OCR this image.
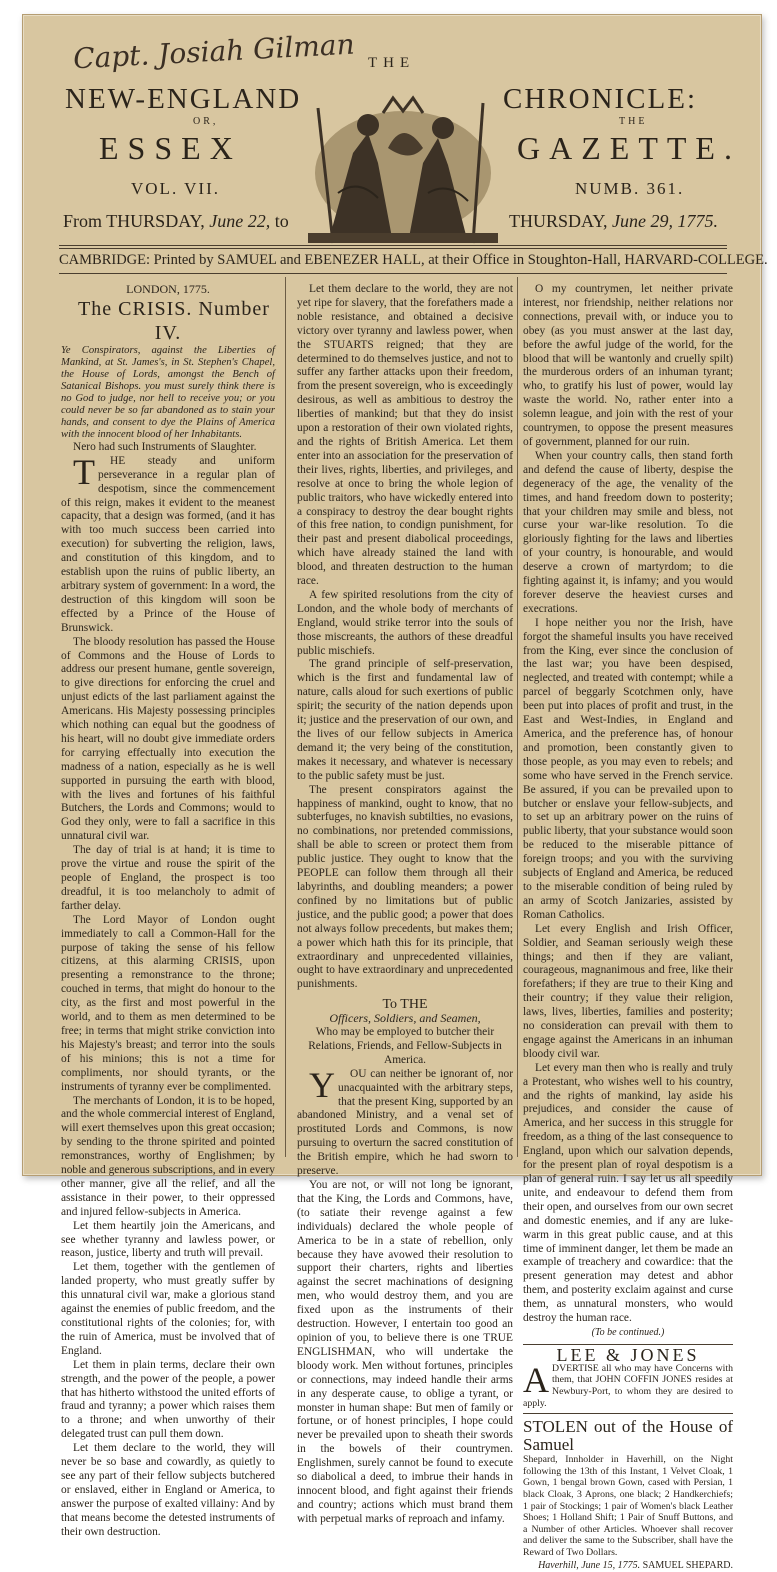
Capt. Josiah Gilman THE
NEW-ENGLAND	CHRONICLE:
OR,	THE
ESSEX	GAZETTE.
VOL. VII.	NUMB. 361.
From THURSDAY, June 22, to	THURSDAY, June 29, 1775.
CAMBRIDGE: Printed by SAMUEL and EBENEZER HALL, at their Office in Stoughton-Hall, HARVARD-COLLEGE.

LONDON, 1775.

The CRISIS. Number IV.

Ye Conspirators, against the Liberties of Mankind, at St. James's, in St. Stephen's Chapel, the House of Lords, amongst the Bench of Satanical Bishops. you must surely think there is no God to judge, nor hell to receive you; or you could never be so far abandoned as to stain your hands, and consent to dye the Plains of America with the innocent blood of her Inhabitants.

Nero had such Instruments of Slaughter.

T HE steady and uniform perseverance in a regular plan of despotism, since the commencement of this reign, makes it evident to the meanest capacity, that a design was formed, (and it has with too much success been carried into execution) for subverting the religion, laws, and constitution of this kingdom, and to establish upon the ruins of public liberty, an arbitrary system of government: In a word, the destruction of this kingdom will soon be effected by a Prince of the House of Brunswick.

The bloody resolution has passed the House of Commons and the House of Lords to address our present humane, gentle sovereign, to give directions for enforcing the cruel and unjust edicts of the last parliament against the Americans. His Majesty possessing principles which nothing can equal but the goodness of his heart, will no doubt give immediate orders for carrying effectually into execution the madness of a nation, especially as he is well supported in pursuing the earth with blood, with the lives and fortunes of his faithful Butchers, the Lords and Commons; would to God they only, were to fall a sacrifice in this unnatural civil war.

The day of trial is at hand; it is time to prove the virtue and rouse the spirit of the people of England, the prospect is too dreadful, it is too melancholy to admit of farther delay.

The Lord Mayor of London ought immediately to call a Common-Hall for the purpose of taking the sense of his fellow citizens, at this alarming CRISIS, upon presenting a remonstrance to the throne; couched in terms, that might do honour to the city, as the first and most powerful in the world, and to them as men determined to be free; in terms that might strike conviction into his Majesty's breast; and terror into the souls of his minions; this is not a time for compliments, nor should tyrants, or the instruments of tyranny ever be complimented.

The merchants of London, it is to be hoped, and the whole commercial interest of England, will exert themselves upon this great occasion; by sending to the throne spirited and pointed remonstrances, worthy of Englishmen; by noble and generous subscriptions, and in every other manner, give all the relief, and all the assistance in their power, to their oppressed and injured fellow-subjects in America.

Let them heartily join the Americans, and see whether tyranny and lawless power, or reason, justice, liberty and truth will prevail.

Let them, together with the gentlemen of landed property, who must greatly suffer by this unnatural civil war, make a glorious stand against the enemies of public freedom, and the constitutional rights of the colonies; for, with the ruin of America, must be involved that of England.

Let them in plain terms, declare their own strength, and the power of the people, a power that has hitherto withstood the united efforts of fraud and tyranny; a power which raises them to a throne; and when unworthy of their delegated trust can pull them down.

Let them declare to the world, they will never be so base and cowardly, as quietly to see any part of their fellow subjects butchered or enslaved, either in England or America, to answer the purpose of exalted villainy: And by that means become the detested instruments of their own destruction.

Let them declare to the world, they are not yet ripe for slavery, that the forefathers made a noble resistance, and obtained a decisive victory over tyranny and lawless power, when the STUARTS reigned; that they are determined to do themselves justice, and not to suffer any farther attacks upon their freedom, from the present sovereign, who is exceedingly desirous, as well as ambitious to destroy the liberties of mankind; but that they do insist upon a restoration of their own violated rights, and the rights of British America. Let them enter into an association for the preservation of their lives, rights, liberties, and privileges, and resolve at once to bring the whole legion of public traitors, who have wickedly entered into a conspiracy to destroy the dear bought rights of this free nation, to condign punishment, for their past and present diabolical proceedings, which have already stained the land with blood, and threaten destruction to the human race.

A few spirited resolutions from the city of London, and the whole body of merchants of England, would strike terror into the souls of those miscreants, the authors of these dreadful public mischiefs.

The grand principle of self-preservation, which is the first and fundamental law of nature, calls aloud for such exertions of public spirit; the security of the nation depends upon it; justice and the preservation of our own, and the lives of our fellow subjects in America demand it; the very being of the constitution, makes it necessary, and whatever is necessary to the public safety must be just.

The present conspirators against the happiness of mankind, ought to know, that no subterfuges, no knavish subtilties, no evasions, no combinations, nor pretended commissions, shall be able to screen or protect them from public justice. They ought to know that the PEOPLE can follow them through all their labyrinths, and doubling meanders; a power confined by no limitations but of public justice, and the public good; a power that does not always follow precedents, but makes them; a power which hath this for its principle, that extraordinary and unprecedented villainies, ought to have extraordinary and unprecedented punishments.

To THE

Officers, Soldiers, and Seamen,

Who may be employed to butcher their Relations, Friends, and Fellow-Subjects in America.

Y OU can neither be ignorant of, nor unacquainted with the arbitrary steps, that the present King, supported by an abandoned Ministry, and a venal set of prostituted Lords and Commons, is now pursuing to overturn the sacred constitution of the British empire, which he had sworn to preserve.

You are not, or will not long be ignorant, that the King, the Lords and Commons, have, (to satiate their revenge against a few individuals) declared the whole people of America to be in a state of rebellion, only because they have avowed their resolution to support their charters, rights and liberties against the secret machinations of designing men, who would destroy them, and you are fixed upon as the instruments of their destruction. However, I entertain too good an opinion of you, to believe there is one TRUE ENGLISHMAN, who will undertake the bloody work. Men without fortunes, principles or connections, may indeed handle their arms in any desperate cause, to oblige a tyrant, or monster in human shape: But men of family or fortune, or of honest principles, I hope could never be prevailed upon to sheath their swords in the bowels of their countrymen. Englishmen, surely cannot be found to execute so diabolical a deed, to imbrue their hands in innocent blood, and fight against their friends and country; actions which must brand them with perpetual marks of reproach and infamy.

O my countrymen, let neither private interest, nor friendship, neither relations nor connections, prevail with, or induce you to obey (as you must answer at the last day, before the awful judge of the world, for the blood that will be wantonly and cruelly spilt) the murderous orders of an inhuman tyrant; who, to gratify his lust of power, would lay waste the world. No, rather enter into a solemn league, and join with the rest of your countrymen, to oppose the present measures of government, planned for our ruin.

When your country calls, then stand forth and defend the cause of liberty, despise the degeneracy of the age, the venality of the times, and hand freedom down to posterity; that your children may smile and bless, not curse your war-like resolution. To die gloriously fighting for the laws and liberties of your country, is honourable, and would deserve a crown of martyrdom; to die fighting against it, is infamy; and you would forever deserve the heaviest curses and execrations.

I hope neither you nor the Irish, have forgot the shameful insults you have received from the King, ever since the conclusion of the last war; you have been despised, neglected, and treated with contempt; while a parcel of beggarly Scotchmen only, have been put into places of profit and trust, in the East and West-Indies, in England and America, and the preference has, of honour and promotion, been constantly given to those people, as you may even to rebels; and some who have served in the French service. Be assured, if you can be prevailed upon to butcher or enslave your fellow-subjects, and to set up an arbitrary power on the ruins of public liberty, that your substance would soon be reduced to the miserable pittance of foreign troops; and you with the surviving subjects of England and America, be reduced to the miserable condition of being ruled by an army of Scotch Janizaries, assisted by Roman Catholics.

Let every English and Irish Officer, Soldier, and Seaman seriously weigh these things; and then if they are valiant, courageous, magnanimous and free, like their forefathers; if they are true to their King and their country; if they value their religion, laws, lives, liberties, families and posterity; no consideration can prevail with them to engage against the Americans in an inhuman bloody civil war.

Let every man then who is really and truly a Protestant, who wishes well to his country, and the rights of mankind, lay aside his prejudices, and consider the cause of America, and her success in this struggle for freedom, as a thing of the last consequence to England, upon which our salvation depends, for the present plan of royal despotism is a plan of general ruin. I say let us all speedily unite, and endeavour to defend them from their open, and ourselves from our own secret and domestic enemies, and if any are luke-warm in this great public cause, and at this time of imminent danger, let them be made an example of treachery and cowardice: that the present generation may detest and abhor them, and posterity exclaim against and curse them, as unnatural monsters, who would destroy the human race.

(To be continued.)

LEE & JONES

ADVERTISE all who may have Concerns with them, that JOHN COFFIN JONES resides at Newbury-Port, to whom they are desired to apply.

STOLEN out of the House of Samuel

Shepard, Innholder in Haverhill, on the Night following the 13th of this Instant, 1 Velvet Cloak, 1 Gown, 1 bengal brown Gown, cased with Persian, 1 black Cloak, 3 Aprons, one black; 2 Handkerchiefs; 1 pair of Stockings; 1 pair of Women's black Leather Shoes; 1 Holland Shift; 1 Pair of Snuff Buttons, and a Number of other Articles. Whoever shall recover and deliver the same to the Subscriber, shall have the Reward of Two Dollars.

Haverhill, June 15, 1775. SAMUEL SHEPARD.
